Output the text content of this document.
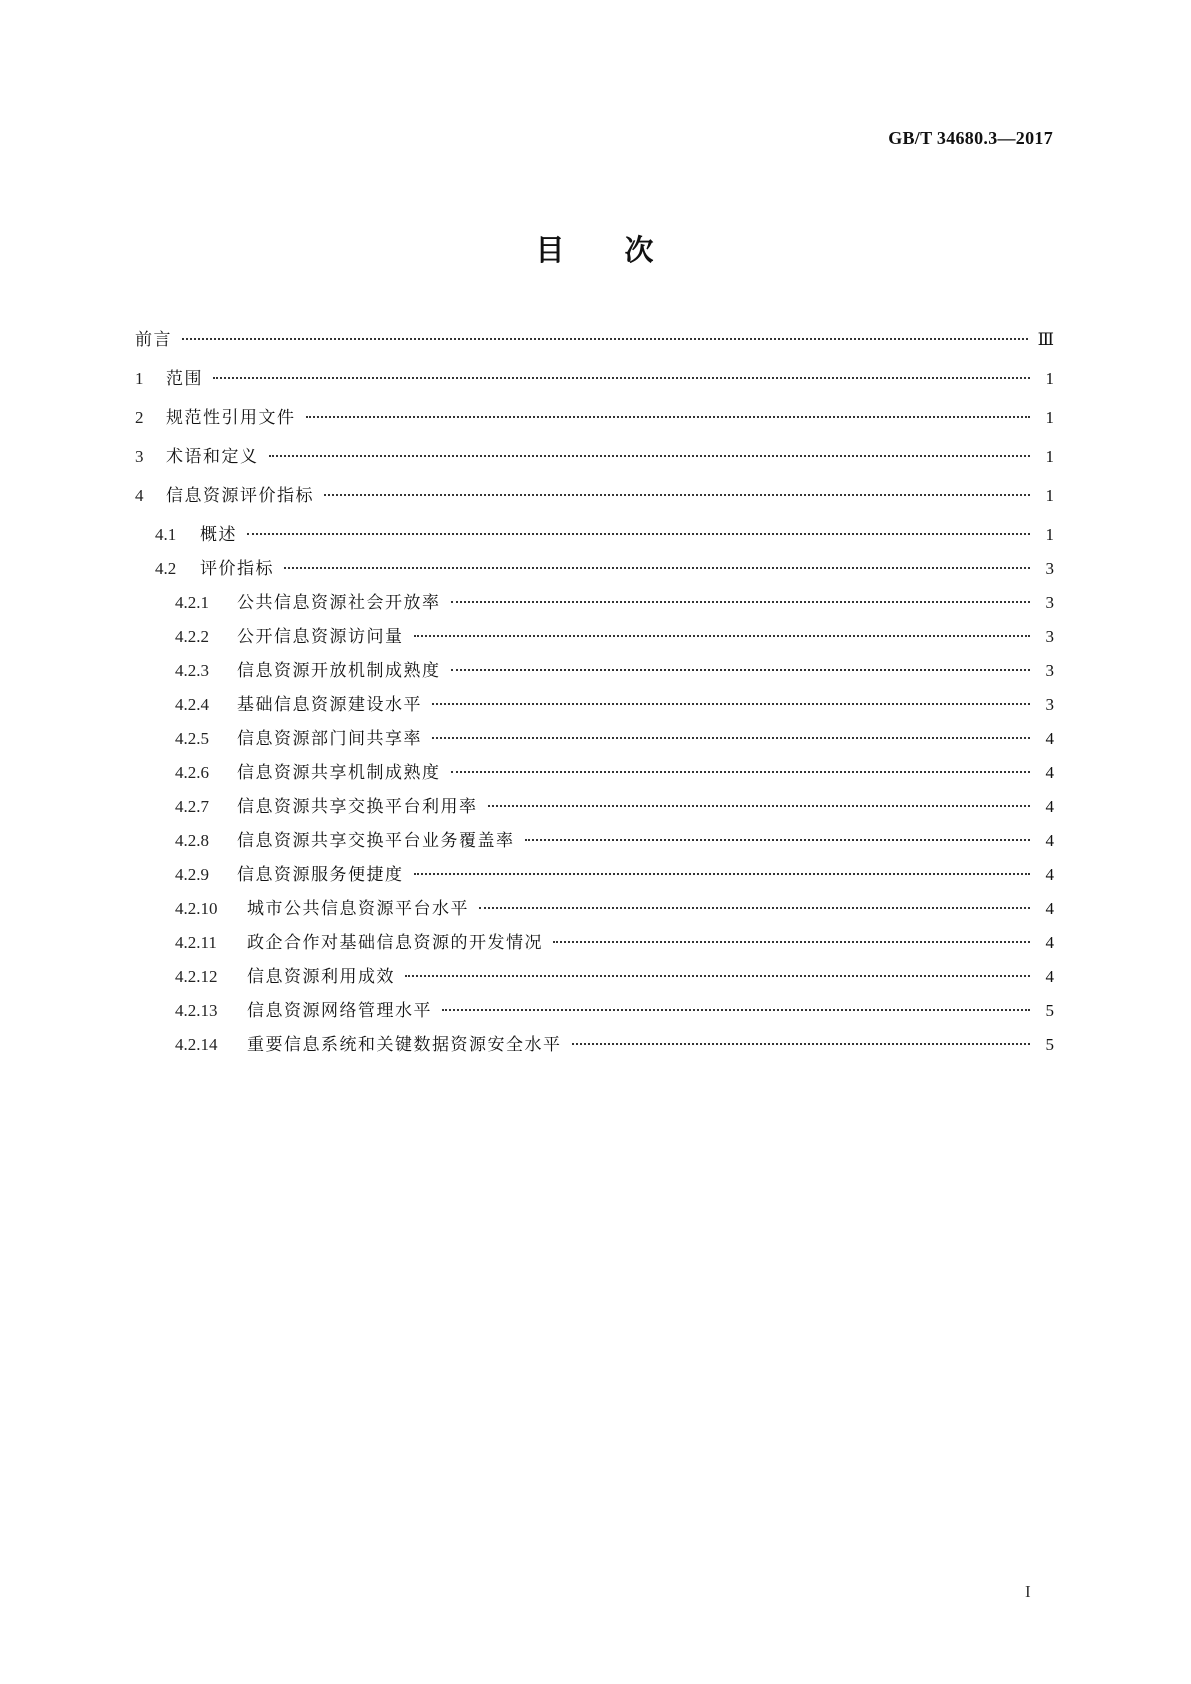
GB/T 34680.3—2017
目 次
前言	Ⅲ
1	范围	1
2	规范性引用文件	1
3	术语和定义	1
4	信息资源评价指标	1
4.1	概述	1
4.2	评价指标	3
4.2.1	公共信息资源社会开放率	3
4.2.2	公开信息资源访问量	3
4.2.3	信息资源开放机制成熟度	3
4.2.4	基础信息资源建设水平	3
4.2.5	信息资源部门间共享率	4
4.2.6	信息资源共享机制成熟度	4
4.2.7	信息资源共享交换平台利用率	4
4.2.8	信息资源共享交换平台业务覆盖率	4
4.2.9	信息资源服务便捷度	4
4.2.10	城市公共信息资源平台水平	4
4.2.11	政企合作对基础信息资源的开发情况	4
4.2.12	信息资源利用成效	4
4.2.13	信息资源网络管理水平	5
4.2.14	重要信息系统和关键数据资源安全水平	5
I
